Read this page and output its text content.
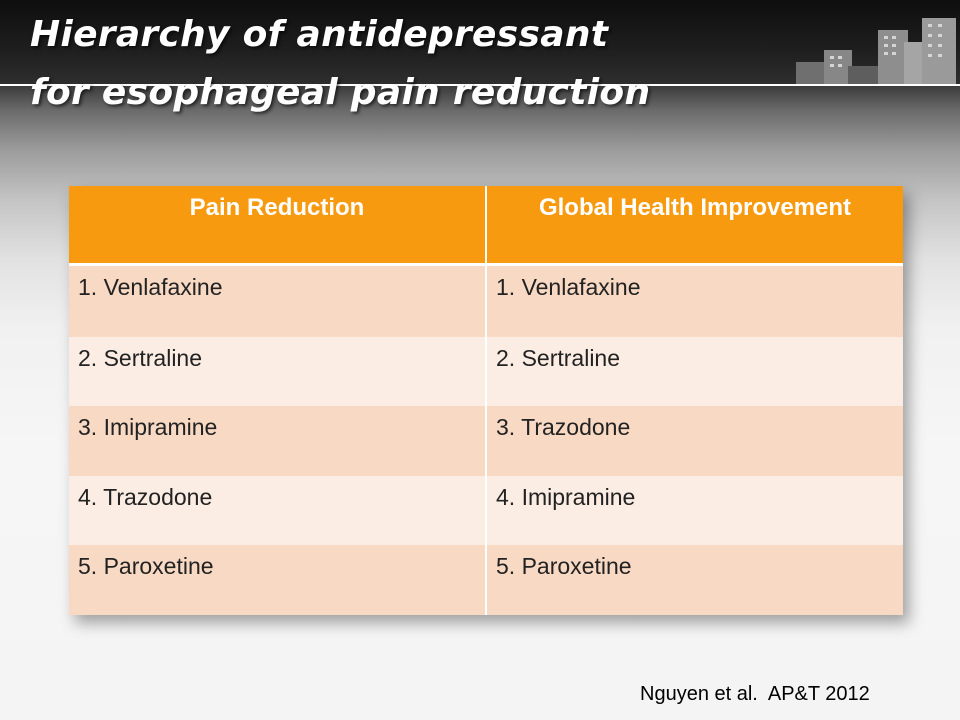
Hierarchy of antidepressant
for esophageal pain reduction
Pain Reduction	Global Health Improvement
1. Venlafaxine	1. Venlafaxine
2. Sertraline	2. Sertraline
3. Imipramine	3. Trazodone
4. Trazodone	4. Imipramine
5. Paroxetine	5. Paroxetine

Nguyen et al.  AP&T 2012
